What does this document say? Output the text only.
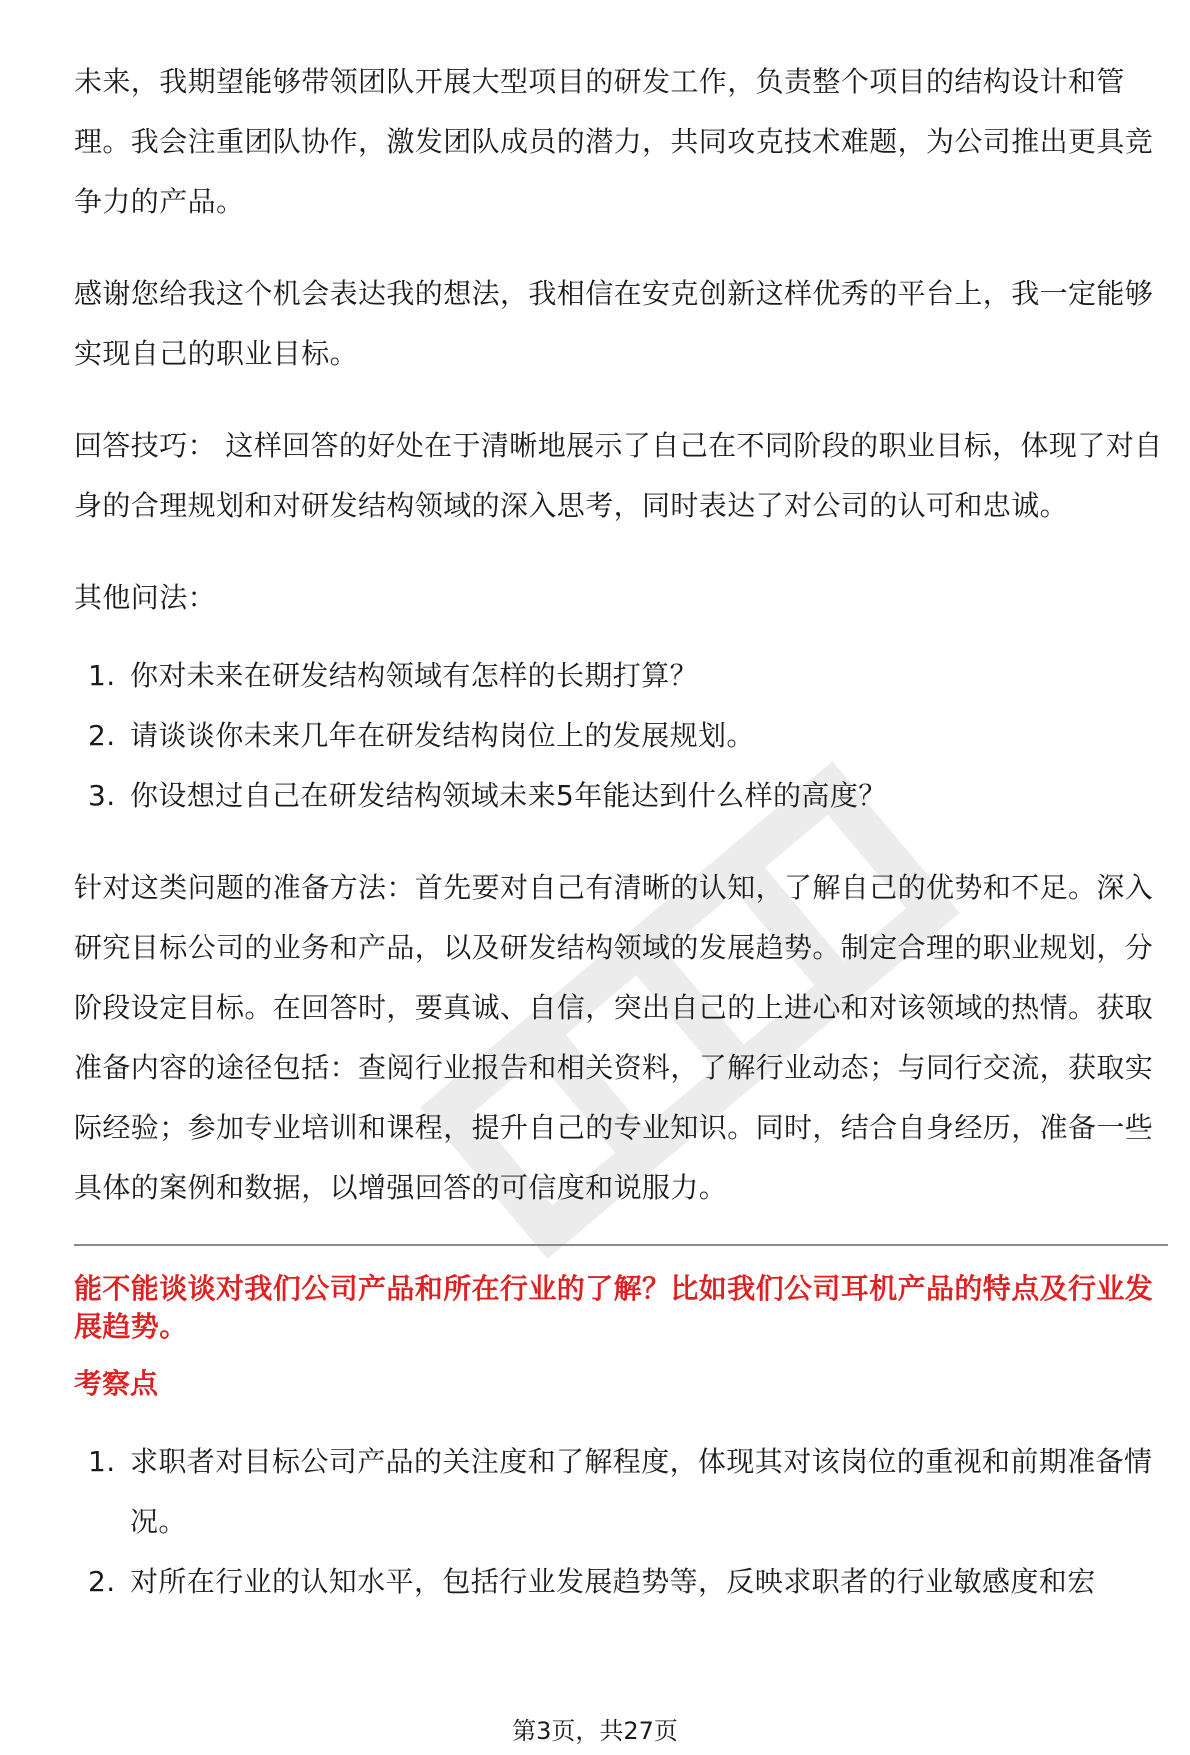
未来，我期望能够带领团队开展大型项目的研发工作，负责整个项目的结构设计和管理。我会注重团队协作，激发团队成员的潜力，共同攻克技术难题，为公司推出更具竞争力的产品。

感谢您给我这个机会表达我的想法，我相信在安克创新这样优秀的平台上，我一定能够实现自己的职业目标。

回答技巧： 这样回答的好处在于清晰地展示了自己在不同阶段的职业目标，体现了对自身的合理规划和对研发结构领域的深入思考，同时表达了对公司的认可和忠诚。

其他问法：

1. 你对未来在研发结构领域有怎样的长期打算？
2. 请谈谈你未来几年在研发结构岗位上的发展规划。
3. 你设想过自己在研发结构领域未来5年能达到什么样的高度？

针对这类问题的准备方法：首先要对自己有清晰的认知，了解自己的优势和不足。深入研究目标公司的业务和产品，以及研发结构领域的发展趋势。制定合理的职业规划，分阶段设定目标。在回答时，要真诚、自信，突出自己的上进心和对该领域的热情。获取准备内容的途径包括：查阅行业报告和相关资料，了解行业动态；与同行交流，获取实际经验；参加专业培训和课程，提升自己的专业知识。同时，结合自身经历，准备一些具体的案例和数据，以增强回答的可信度和说服力。

能不能谈谈对我们公司产品和所在行业的了解？比如我们公司耳机产品的特点及行业发展趋势。
考察点
1. 求职者对目标公司产品的关注度和了解程度，体现其对该岗位的重视和前期准备情况。
2. 对所在行业的认知水平，包括行业发展趋势等，反映求职者的行业敏感度和宏
第3页，共27页
